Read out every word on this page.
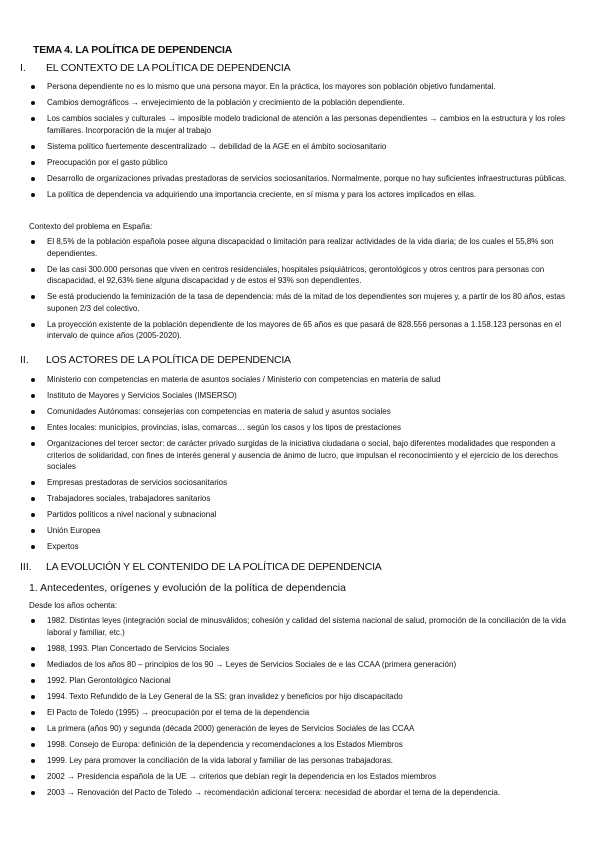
TEMA 4. LA POLÍTICA DE DEPENDENCIA
I.	EL CONTEXTO DE LA POLÍTICA DE DEPENDENCIA
Persona dependiente no es lo mismo que una persona mayor. En la práctica, los mayores son población objetivo fundamental.
Cambios demográficos → envejecimiento de la población y crecimiento de la población dependiente.
Los cambios sociales y culturales → imposible modelo tradicional de atención a las personas dependientes → cambios en la estructura y los roles familiares. Incorporación de la mujer al trabajo
Sistema político fuertemente descentralizado → debilidad de la AGE en el ámbito sociosanitario
Preocupación por el gasto público
Desarrollo de organizaciones privadas prestadoras de servicios sociosanitarios. Normalmente, porque no hay suficientes infraestructuras públicas.
La política de dependencia va adquiriendo una importancia creciente, en sí misma y para los actores implicados en ellas.
Contexto del problema en España:
El 8,5% de la población española posee alguna discapacidad o limitación para realizar actividades de la vida diaria; de los cuales el 55,8% son dependientes.
De las casi 300.000 personas que viven en centros residenciales, hospitales psiquiátricos, gerontológicos y otros centros para personas con discapacidad, el 92,63% tiene alguna discapacidad y de estos el 93% son dependientes.
Se está produciendo la feminización de la tasa de dependencia: más de la mitad de los dependientes son mujeres y, a partir de los 80 años, estas suponen 2/3 del colectivo.
La proyección existente de la población dependiente de los mayores de 65 años es que pasará de 828.556 personas a 1.158.123 personas en el intervalo de quince años (2005-2020).
II.	LOS ACTORES DE LA POLÍTICA DE DEPENDENCIA
Ministerio con competencias en materia de asuntos sociales / Ministerio con competencias en materia de salud
Instituto de Mayores y Servicios Sociales (IMSERSO)
Comunidades Autónomas: consejerías con competencias en materia de salud y asuntos sociales
Entes locales: municipios, provincias, islas, comarcas… según los casos y los tipos de prestaciones
Organizaciones del tercer sector: de carácter privado surgidas de la iniciativa ciudadana o social, bajo diferentes modalidades que responden a criterios de solidaridad, con fines de interés general y ausencia de ánimo de lucro, que impulsan el reconocimiento y el ejercicio de los derechos sociales
Empresas prestadoras de servicios sociosanitarios
Trabajadores sociales, trabajadores sanitarios
Partidos políticos a nivel nacional y subnacional
Unión Europea
Expertos
III.	LA EVOLUCIÓN Y EL CONTENIDO DE LA POLÍTICA DE DEPENDENCIA
1. Antecedentes, orígenes y evolución de la política de dependencia
Desde los años ochenta:
1982. Distintas leyes (integración social de minusválidos; cohesión y calidad del sistema nacional de salud, promoción de la conciliación de la vida laboral y familiar, etc.)
1988, 1993. Plan Concertado de Servicios Sociales
Mediados de los años 80 – principios de los 90 → Leyes de Servicios Sociales de e las CCAA (primera generación)
1992. Plan Gerontológico Nacional
1994. Texto Refundido de la Ley General de la SS: gran invalidez y beneficios por hijo discapacitado
El Pacto de Toledo (1995) → preocupación por el tema de la dependencia
La primera (años 90) y segunda (década 2000) generación de leyes de Servicios Sociales de las CCAA
1998. Consejo de Europa: definición de la dependencia y recomendaciones a los Estados Miembros
1999. Ley para promover la conciliación de la vida laboral y familiar de las personas trabajadoras.
2002 → Presidencia española de la UE → criterios que debían regir la dependencia en los Estados miembros
2003 → Renovación del Pacto de Toledo → recomendación adicional tercera: necesidad de abordar el tema de la dependencia.
